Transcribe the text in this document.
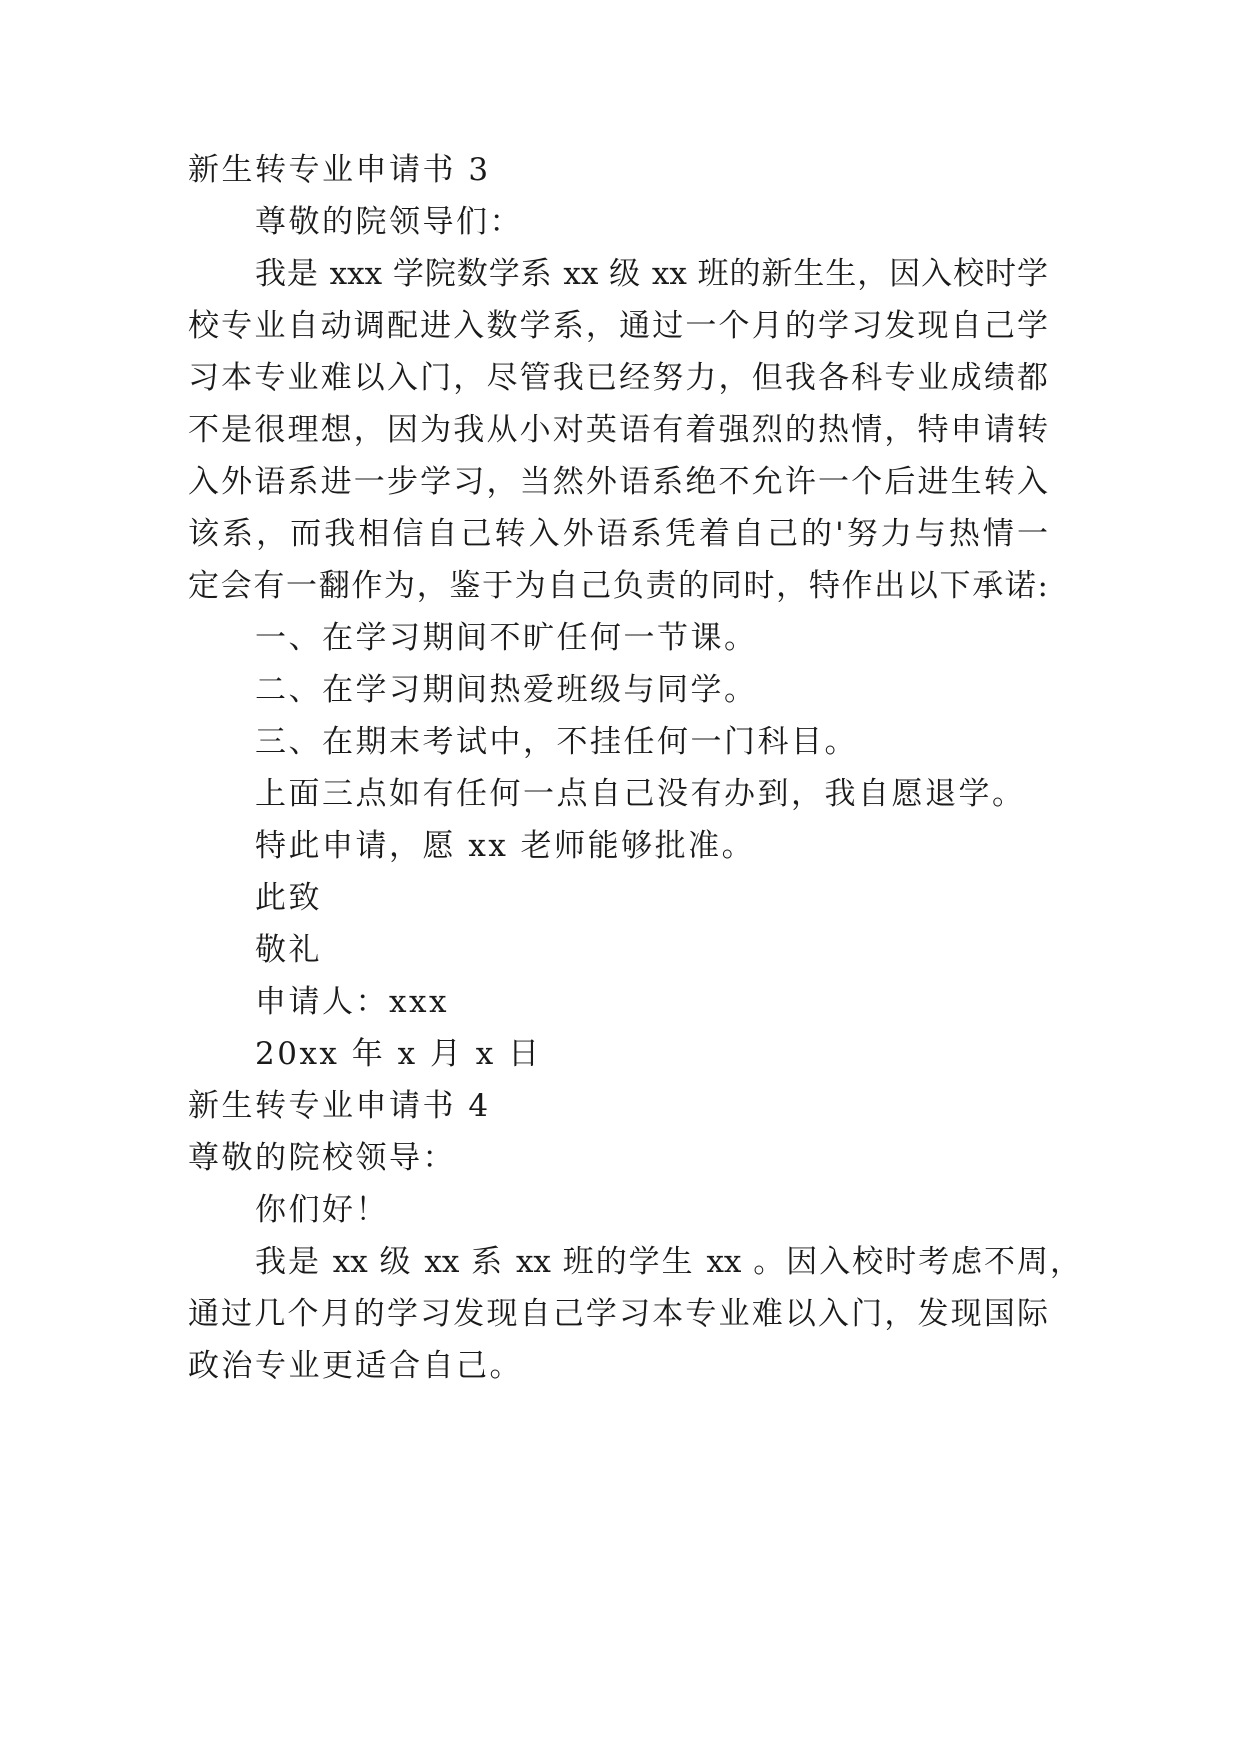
新生转专业申请书 3
尊敬的院领导们：
我是 xxx 学院数学系 xx 级 xx 班的新生生，因入校时学
校专业自动调配进入数学系，通过一个月的学习发现自己学
习本专业难以入门，尽管我已经努力，但我各科专业成绩都
不是很理想，因为我从小对英语有着强烈的热情，特申请转
入外语系进一步学习，当然外语系绝不允许一个后进生转入
该系，而我相信自己转入外语系凭着自己的'努力与热情一
定会有一翻作为，鉴于为自己负责的同时，特作出以下承诺:
一、在学习期间不旷任何一节课。
二、在学习期间热爱班级与同学。
三、在期末考试中，不挂任何一门科目。
上面三点如有任何一点自己没有办到，我自愿退学。
特此申请，愿 xx 老师能够批准。
此致
敬礼
申请人：xxx
20xx 年 x 月 x 日
新生转专业申请书 4
尊敬的院校领导：
你们好！
我是 xx 级 xx 系 xx 班的学生 xx 。因入校时考虑不周，
通过几个月的学习发现自己学习本专业难以入门，发现国际
政治专业更适合自己。
